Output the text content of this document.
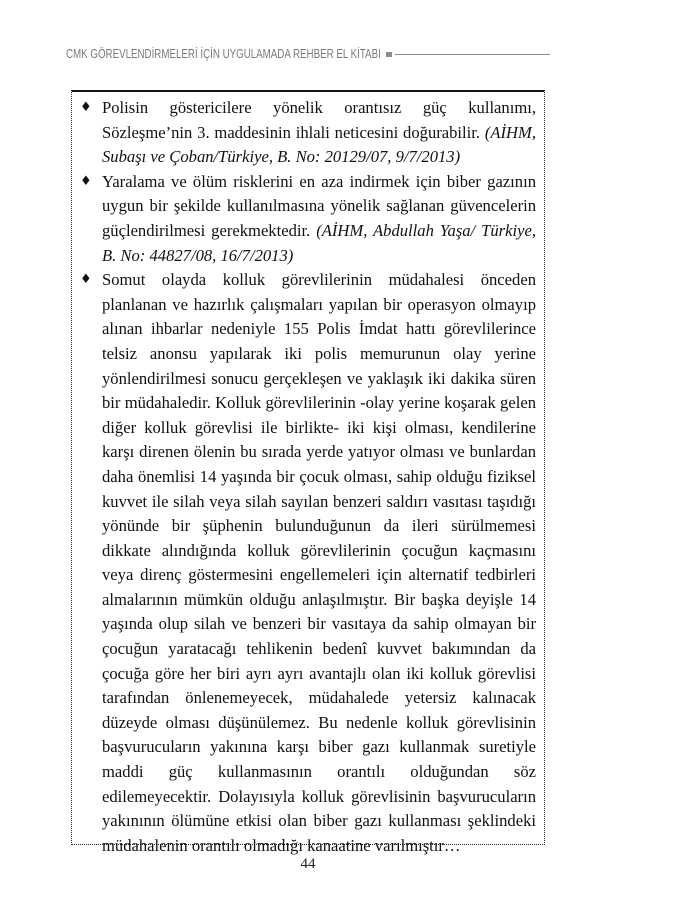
CMK GÖREVLENDİRMELERİ İÇİN UYGULAMADA REHBER EL KİTABI
♦ Polisin göstericilere yönelik orantısız güç kullanımı, Sözleşme’nin 3. maddesinin ihlali neticesini doğurabilir. (AİHM, Subaşı ve Çoban/Türkiye, B. No: 20129/07, 9/7/2013)

♦ Yaralama ve ölüm risklerini en aza indirmek için biber gazının uygun bir şekilde kullanılmasına yönelik sağlanan güvencelerin güçlendirilmesi gerekmektedir. (AİHM, Abdullah Yaşa/ Türkiye, B. No: 44827/08, 16/7/2013)

♦ Somut olayda kolluk görevlilerinin müdahalesi önceden planlanan ve hazırlık çalışmaları yapılan bir operasyon olmayıp alınan ihbarlar nedeniyle 155 Polis İmdat hattı görevlilerince telsiz anonsu yapılarak iki polis memurunun olay yerine yönlendirilmesi sonucu gerçekleşen ve yaklaşık iki dakika süren bir müdahaledir. Kolluk görevlilerinin -olay yerine koşarak gelen diğer kolluk görevlisi ile birlikte- iki kişi olması, kendilerine karşı direnen ölenin bu sırada yerde yatıyor olması ve bunlardan daha önemlisi 14 yaşında bir çocuk olması, sahip olduğu fiziksel kuvvet ile silah veya silah sayılan benzeri saldırı vasıtası taşıdığı yönünde bir şüphenin bulunduğunun da ileri sürülmemesi dikkate alındığında kolluk görevlilerinin çocuğun kaçmasını veya direnç göstermesini engellemeleri için alternatif tedbirleri almalarının mümkün olduğu anlaşılmıştır. Bir başka deyişle 14 yaşında olup silah ve benzeri bir vasıtaya da sahip olmayan bir çocuğun yaratacağı tehlikenin bedenî kuvvet bakımından da çocuğa göre her biri ayrı ayrı avantajlı olan iki kolluk görevlisi tarafından önlenemeyecek, müdahalede yetersiz kalınacak düzeyde olması düşünülemez. Bu nedenle kolluk görevlisinin başvurucuların yakınına karşı biber gazı kullanmak suretiyle maddi güç kullanmasının orantılı olduğundan söz edilemeyecektir. Dolayısıyla kolluk görevlisinin başvurucuların yakınının ölümüne etkisi olan biber gazı kullanması şeklindeki müdahalenin orantılı olmadığı kanaatine varılmıştır…

44
